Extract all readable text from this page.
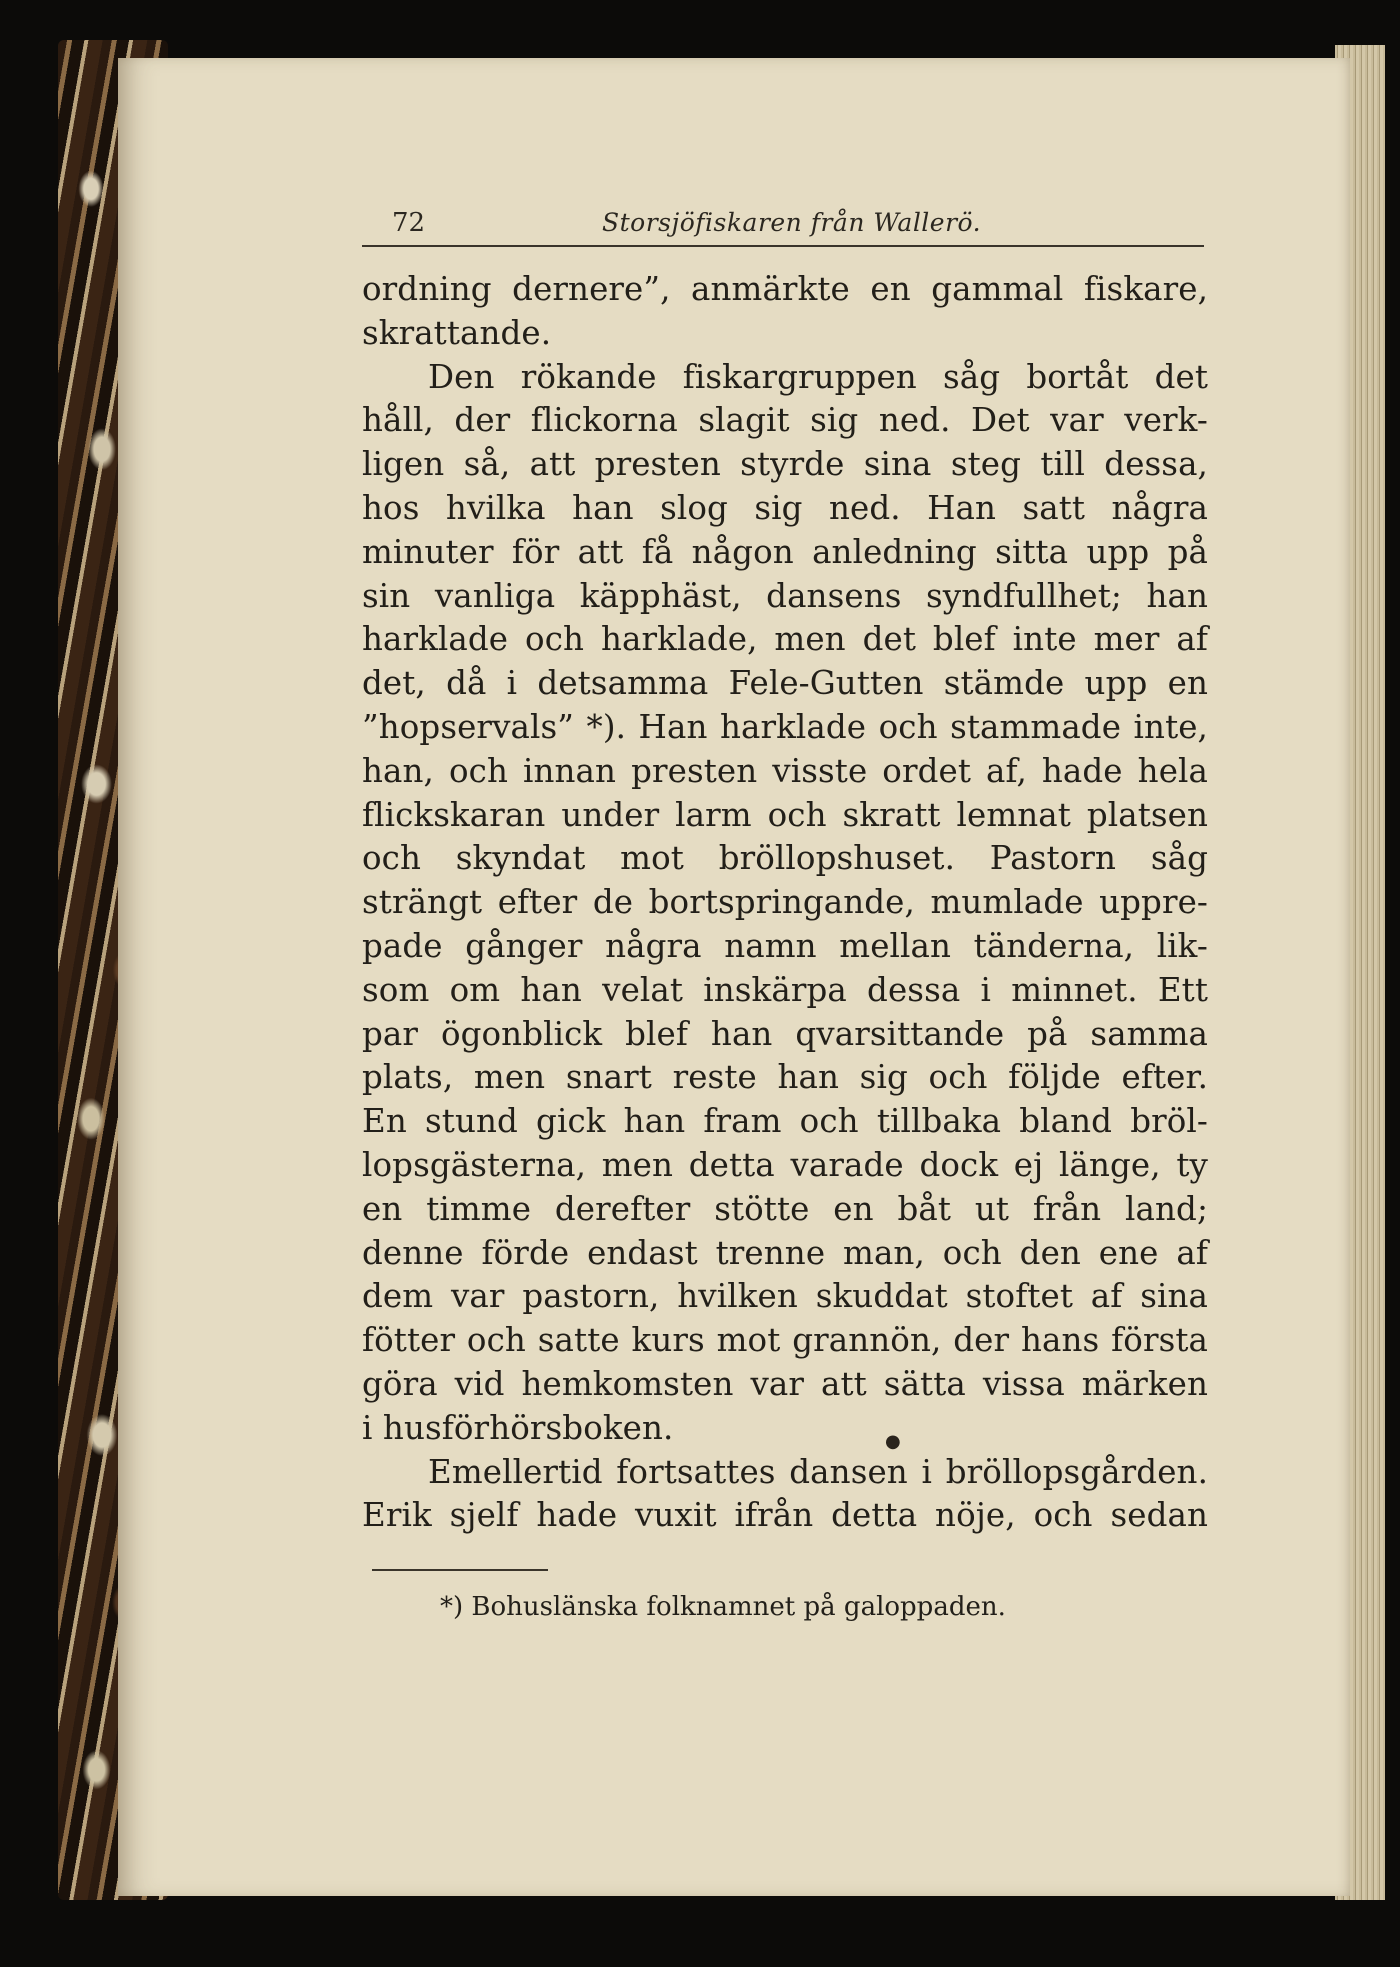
72	Storsjöfiskaren från Wallerö.
ordning dernere”, anmärkte en gammal fiskare,
skrattande.
Den rökande fiskargruppen såg bortåt det
håll, der flickorna slagit sig ned. Det var verk-
ligen så, att presten styrde sina steg till dessa,
hos hvilka han slog sig ned. Han satt några
minuter för att få någon anledning sitta upp på
sin vanliga käpphäst, dansens syndfullhet; han
harklade och harklade, men det blef inte mer af
det, då i detsamma Fele-Gutten stämde upp en
”hopservals” *). Han harklade och stammade inte,
han, och innan presten visste ordet af, hade hela
flickskaran under larm och skratt lemnat platsen
och skyndat mot bröllopshuset. Pastorn såg
strängt efter de bortspringande, mumlade uppre-
pade gånger några namn mellan tänderna, lik-
som om han velat inskärpa dessa i minnet. Ett
par ögonblick blef han qvarsittande på samma
plats, men snart reste han sig och följde efter.
En stund gick han fram och tillbaka bland bröl-
lopsgästerna, men detta varade dock ej länge, ty
en timme derefter stötte en båt ut från land;
denne förde endast trenne man, och den ene af
dem var pastorn, hvilken skuddat stoftet af sina
fötter och satte kurs mot grannön, der hans första
göra vid hemkomsten var att sätta vissa märken
i husförhörsboken.
Emellertid fortsattes dansen i bröllopsgården.
Erik sjelf hade vuxit ifrån detta nöje, och sedan
●
*) Bohuslänska folknamnet på galoppaden.
